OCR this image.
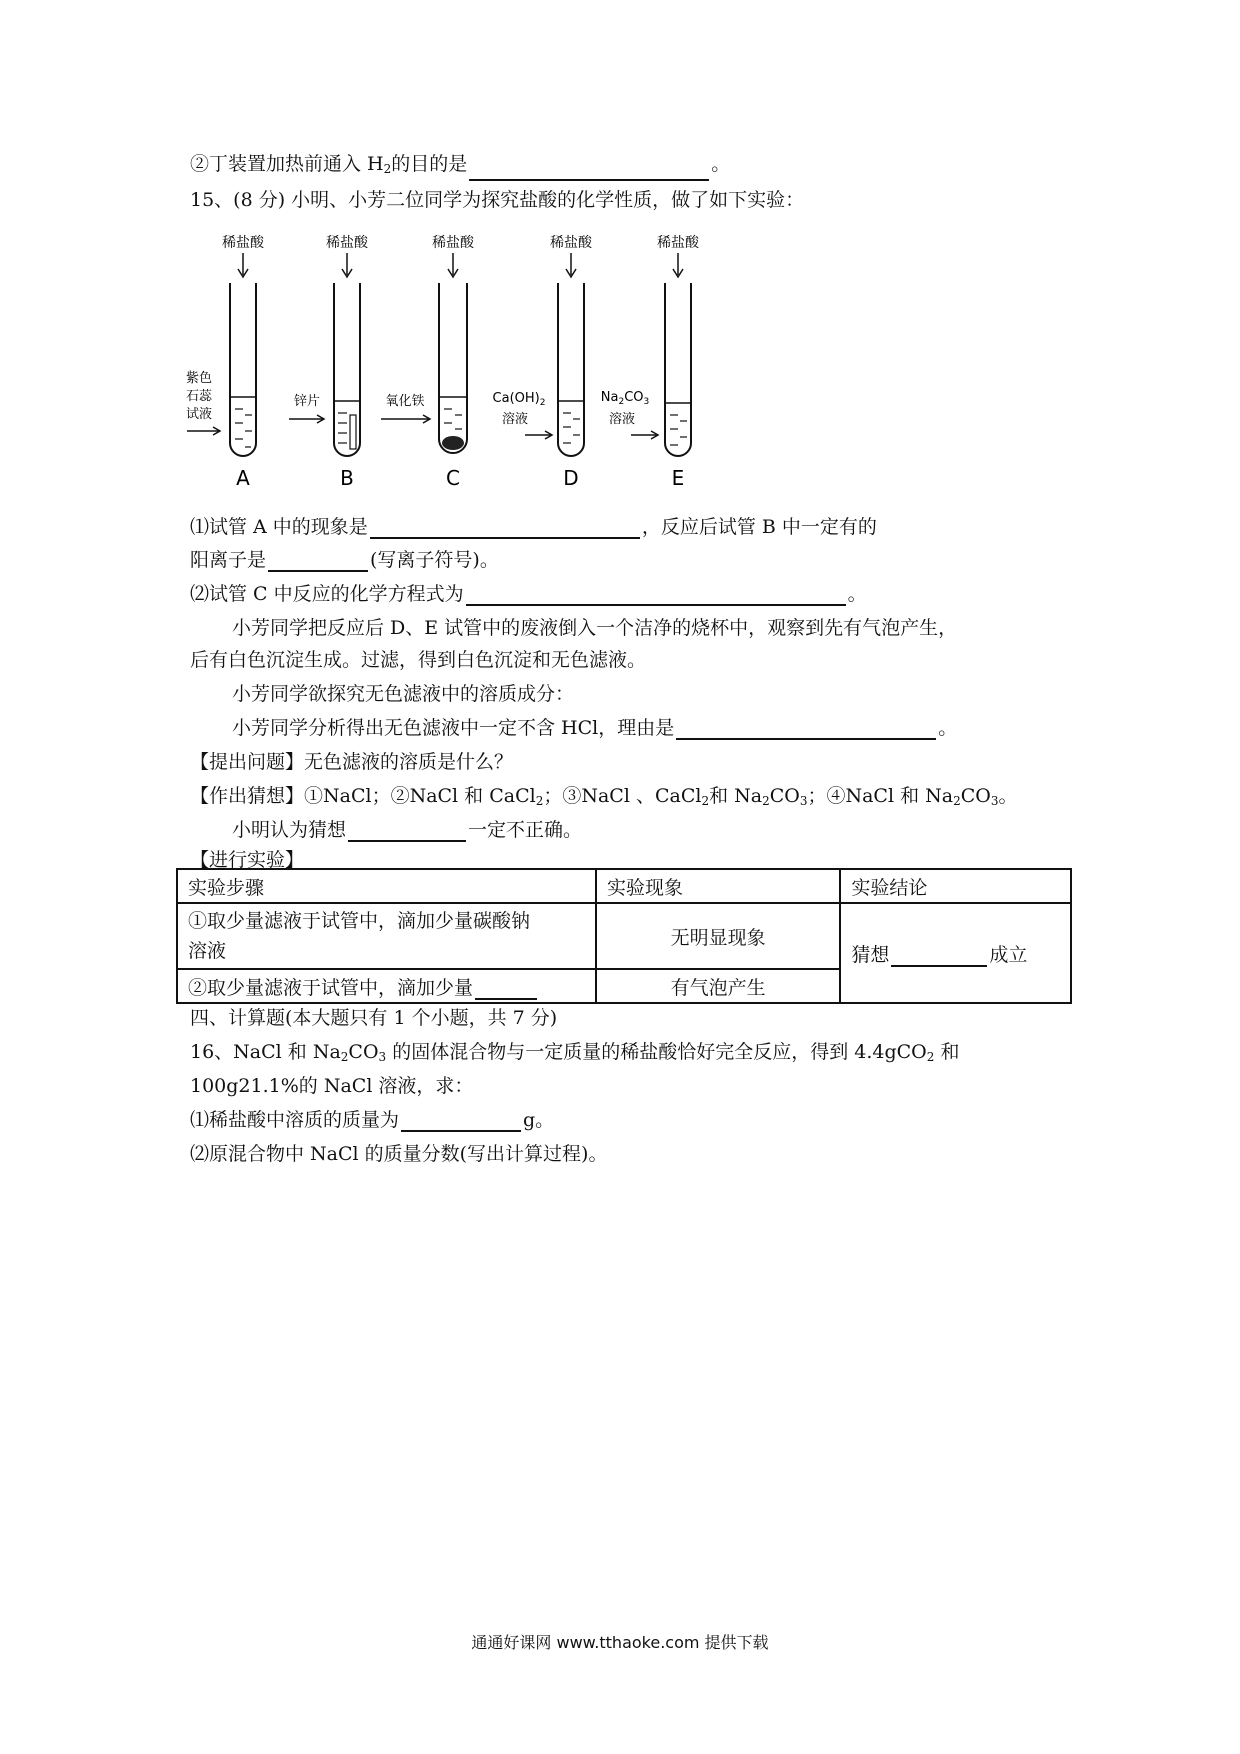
②丁装置加热前通入 $H_2$的目的是	。
15、(8 分) 小明、小芳二位同学为探究盐酸的化学性质，做了如下实验：
稀盐酸
紫色
石蕊
试液
A
稀盐酸
锌片
B
稀盐酸
氧化铁
C
稀盐酸
$Ca(OH)_2$
溶液
D
稀盐酸
$Na_2CO_3$
溶液
E
⑴试管 A 中的现象是	，反应后试管 B 中一定有的
阳离子是	(写离子符号)。
⑵试管 C 中反应的化学方程式为	。
小芳同学把反应后 D、E 试管中的废液倒入一个洁净的烧杯中，观察到先有气泡产生，
后有白色沉淀生成。过滤，得到白色沉淀和无色滤液。
小芳同学欲探究无色滤液中的溶质成分：
小芳同学分析得出无色滤液中一定不含 HCl，理由是	。
【提出问题】无色滤液的溶质是什么？
【作出猜想】①NaCl；②NaCl 和 CaCl$_2$；③NaCl 、CaCl$_2$和 $Na_2CO_3$；④NaCl 和 $Na_2CO_3$。
小明认为猜想	一定不正确。
【进行实验】
实验步骤	实验现象	实验结论
①取少量滤液于试管中，滴加少量碳酸钠
溶液	无明显现象	猜想 成立
②取少量滤液于试管中，滴加少量	有气泡产生	
四、计算题(本大题只有 1 个小题，共 7 分)
16、NaCl 和 $Na_2CO_3$ 的固体混合物与一定质量的稀盐酸恰好完全反应，得到 4.4gCO$_2$ 和
100g21.1%的 NaCl 溶液，求：
⑴稀盐酸中溶质的质量为	g。
⑵原混合物中 NaCl 的质量分数(写出计算过程)。
通通好课网 www.tthaoke.com 提供下载
